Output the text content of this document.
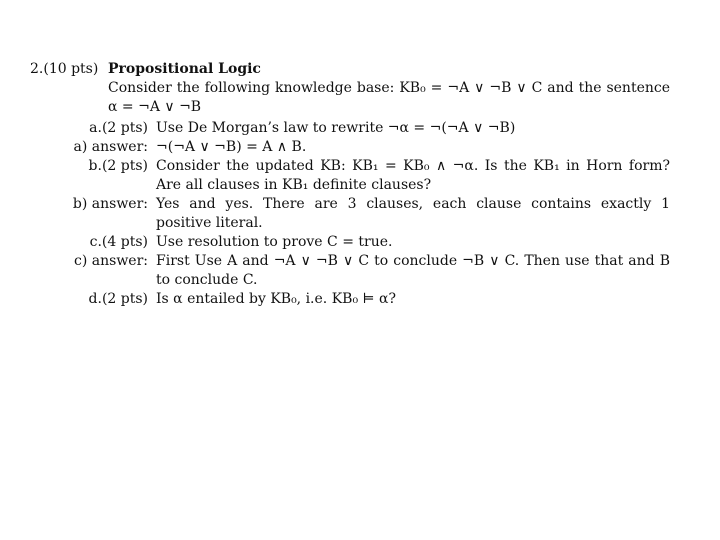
2.(10 pts) Propositional Logic
Consider the following knowledge base: KB₀ = ¬A ∨ ¬B ∨ C and the sentence α = ¬A ∨ ¬B
a.(2 pts) Use De Morgan’s law to rewrite ¬α = ¬(¬A ∨ ¬B)
a) answer: ¬(¬A ∨ ¬B) = A ∧ B.
b.(2 pts) Consider the updated KB: KB₁ = KB₀ ∧ ¬α. Is the KB₁ in Horn form? Are all clauses in KB₁ definite clauses?
b) answer: Yes and yes. There are 3 clauses, each clause contains exactly 1 positive literal.
c.(4 pts) Use resolution to prove C = true.
c) answer: First Use A and ¬A ∨ ¬B ∨ C to conclude ¬B ∨ C. Then use that and B to conclude C.
d.(2 pts) Is α entailed by KB₀, i.e. KB₀ ⊨ α?
